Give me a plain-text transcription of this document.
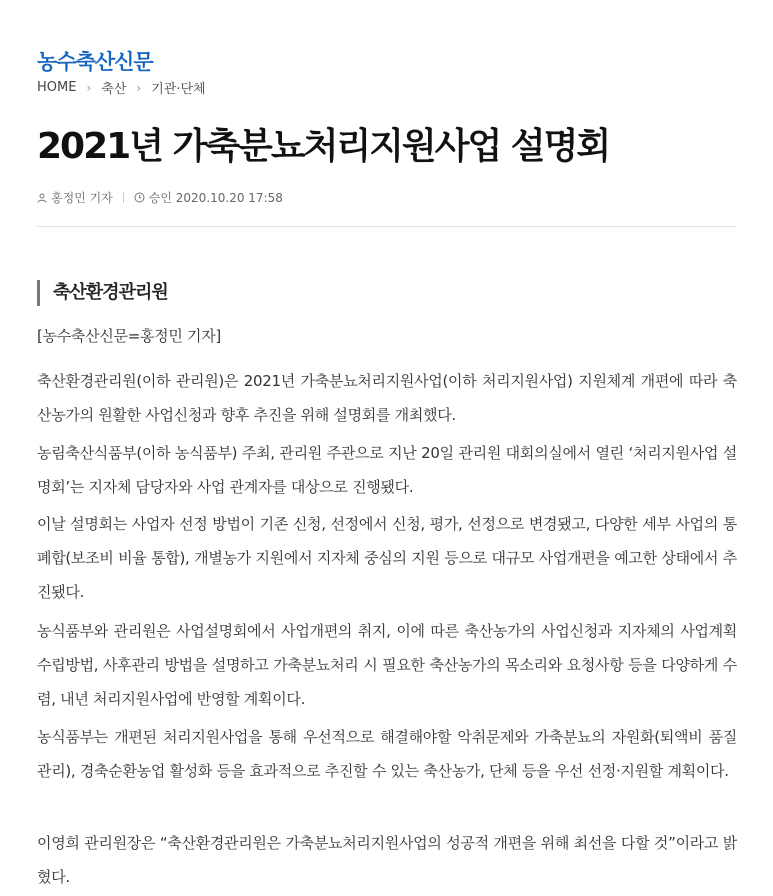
농수축산신문
HOME › 축산 › 기관·단체
2021년 가축분뇨처리지원사업 설명회
홍정민 기자	승인 2020.10.20 17:58
축산환경관리원

[농수축산신문=홍정민 기자]

축산환경관리원(이하 관리원)은 2021년 가축분뇨처리지원사업(이하 처리지원사업) 지원체계 개편에 따라 축산농가의 원활한 사업신청과 향후 추진을 위해 설명회를 개최했다.

농림축산식품부(이하 농식품부) 주최, 관리원 주관으로 지난 20일 관리원 대회의실에서 열린 ‘처리지원사업 설명회’는 지자체 담당자와 사업 관계자를 대상으로 진행됐다.

이날 설명회는 사업자 선정 방법이 기존 신청, 선정에서 신청, 평가, 선정으로 변경됐고, 다양한 세부 사업의 통폐합(보조비 비율 통합), 개별농가 지원에서 지자체 중심의 지원 등으로 대규모 사업개편을 예고한 상태에서 추진됐다.

농식품부와 관리원은 사업설명회에서 사업개편의 취지, 이에 따른 축산농가의 사업신청과 지자체의 사업계획 수립방법, 사후관리 방법을 설명하고 가축분뇨처리 시 필요한 축산농가의 목소리와 요청사항 등을 다양하게 수렴, 내년 처리지원사업에 반영할 계획이다.

농식품부는 개편된 처리지원사업을 통해 우선적으로 해결해야할 악취문제와 가축분뇨의 자원화(퇴액비 품질 관리), 경축순환농업 활성화 등을 효과적으로 추진할 수 있는 축산농가, 단체 등을 우선 선정·지원할 계획이다.

이영희 관리원장은 “축산환경관리원은 가축분뇨처리지원사업의 성공적 개편을 위해 최선을 다할 것”이라고 밝혔다.
